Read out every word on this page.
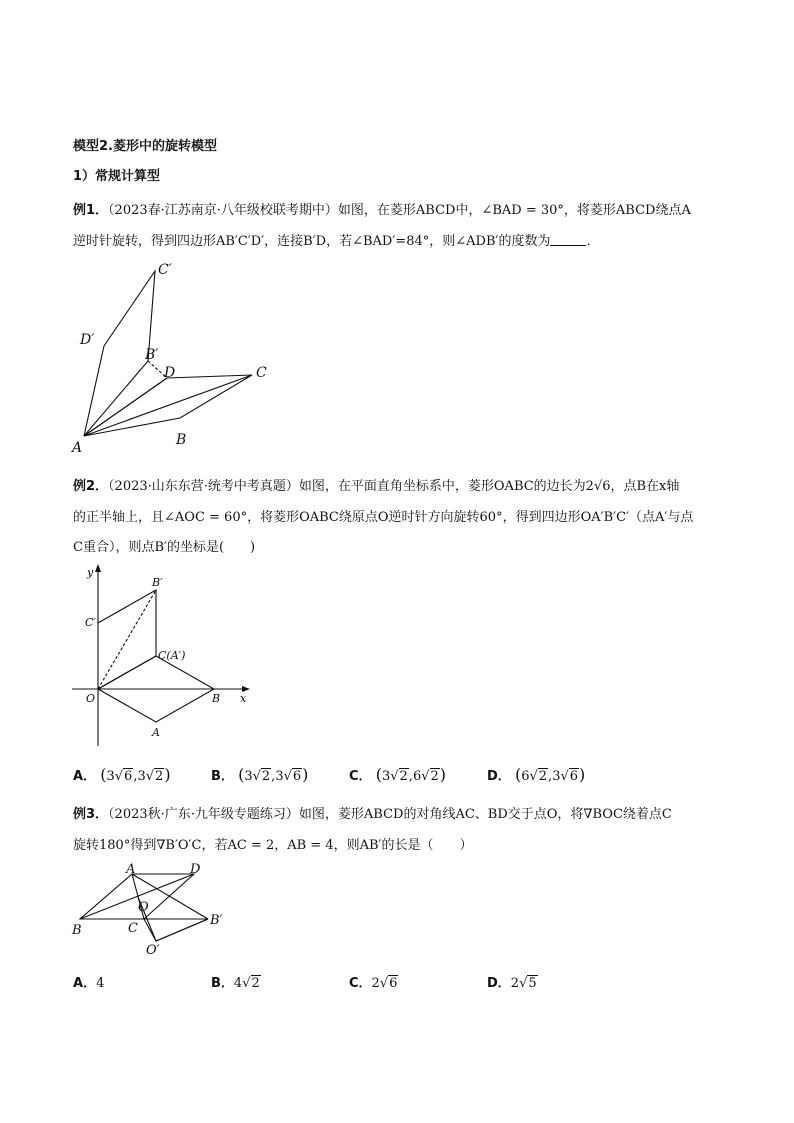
模型2.菱形中的旋转模型
1）常规计算型
例1．（2023春·江苏南京·八年级校联考期中）如图，在菱形ABCD中，∠BAD = 30°，将菱形ABCD绕点A
逆时针旋转，得到四边形AB′C′D′，连接B′D，若∠BAD′=84°，则∠ADB′的度数为	．
A	B
C
D
B′
C′
D′
例2．（2023·山东东营·统考中考真题）如图，在平面直角坐标系中，菱形OABC的边长为2√6，点B在x轴
的正半轴上，且∠AOC = 60°，将菱形OABC绕原点O逆时针方向旋转60°，得到四边形OA′B′C′（点A′与点
C重合），则点B′的坐标是(　　)
y
x
O	B
A
B′
C′
C(A′)
A． (3√6,3√2)	B． (3√2,3√6)	C． (3√2,6√2)	D． (6√2,3√6)
例3．（2023秋·广东·九年级专题练习）如图，菱形ABCD的对角线AC、BD交于点O，将∇BOC绕着点C
旋转180°得到∇B′O′C，若AC = 2，AB = 4，则AB′的长是（　　）
A	D
B	C
O
O′
B′
A．4	B．4√2	C．2√6	D．2√5
